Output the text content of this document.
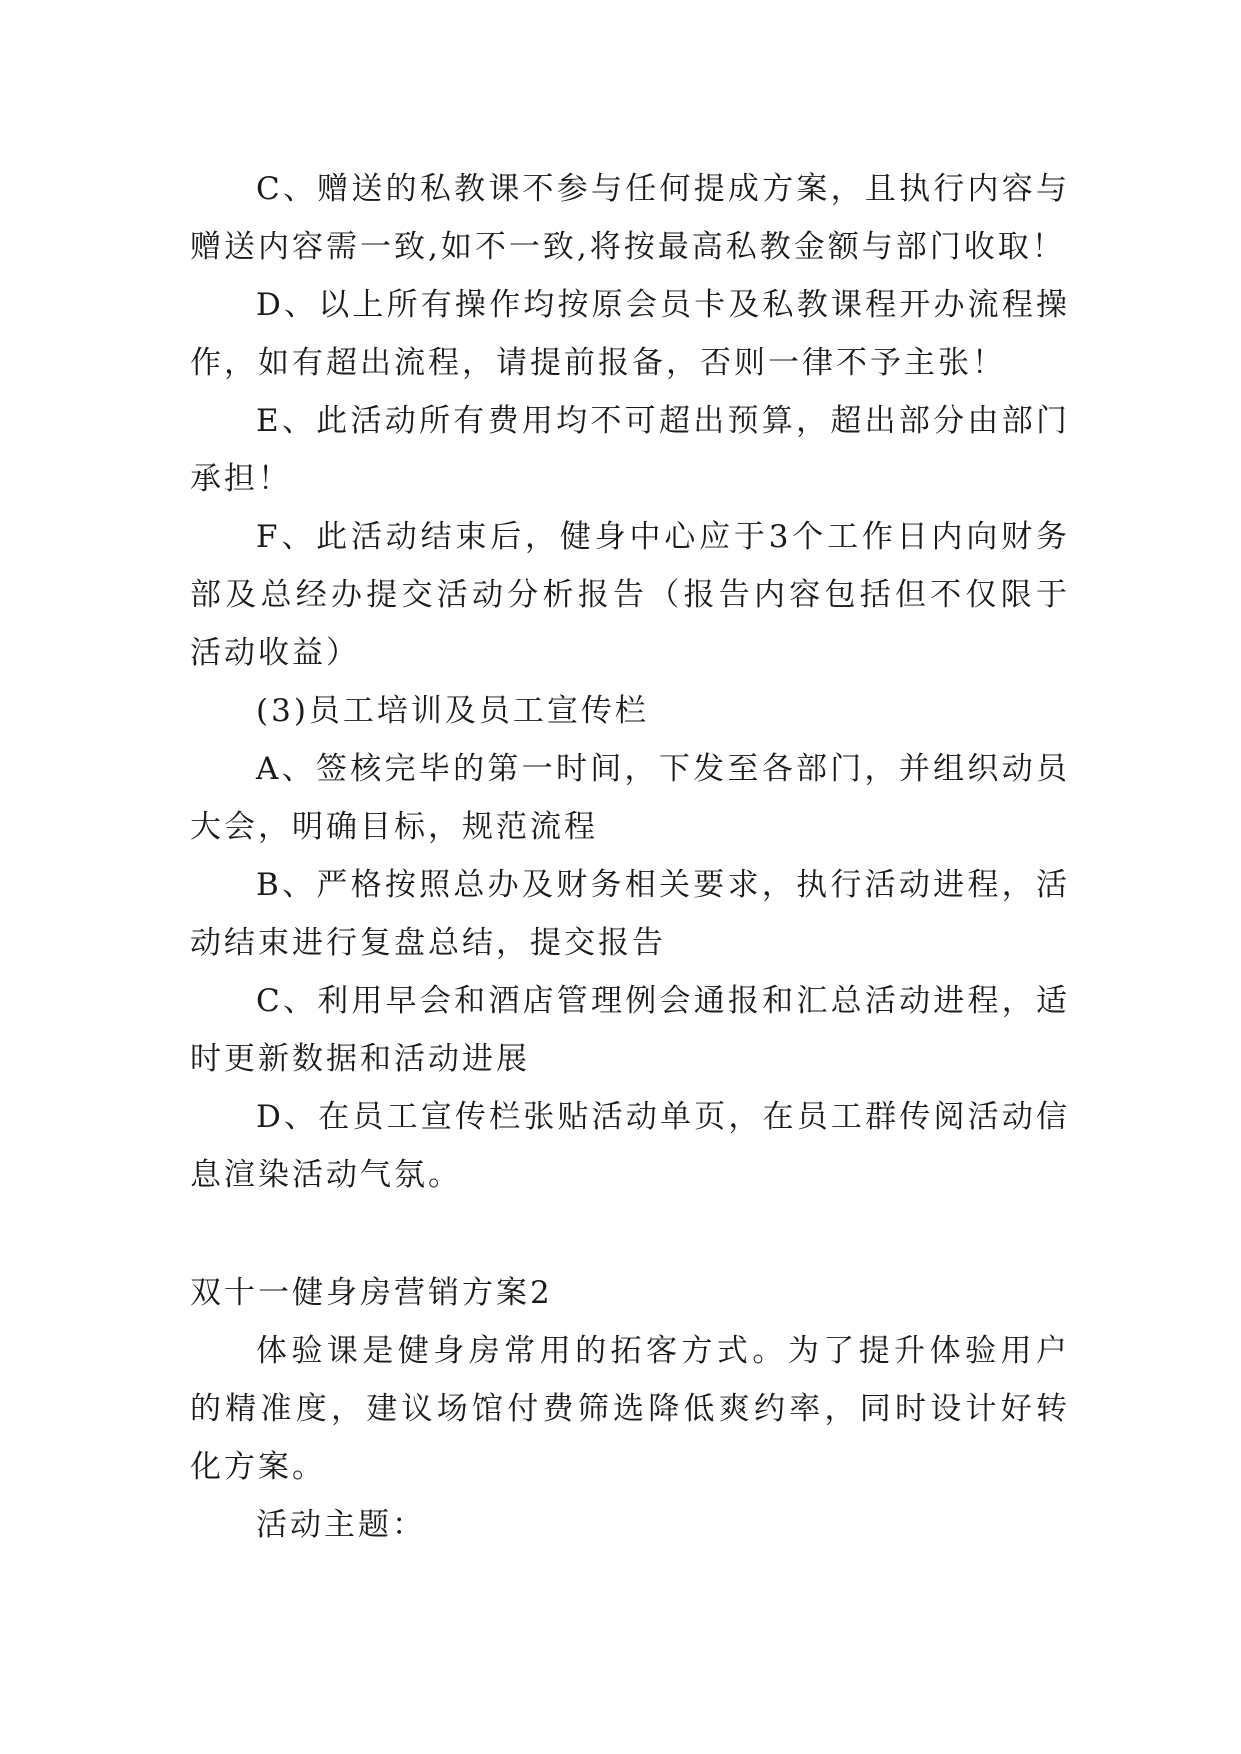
C、赠送的私教课不参与任何提成方案，且执行内容与赠送内容需一致,如不一致,将按最高私教金额与部门收取！

D、以上所有操作均按原会员卡及私教课程开办流程操作，如有超出流程，请提前报备，否则一律不予主张！

E、此活动所有费用均不可超出预算，超出部分由部门承担！

F、此活动结束后，健身中心应于3个工作日内向财务部及总经办提交活动分析报告（报告内容包括但不仅限于活动收益）

(3)员工培训及员工宣传栏

A、签核完毕的第一时间，下发至各部门，并组织动员大会，明确目标，规范流程

B、严格按照总办及财务相关要求，执行活动进程，活动结束进行复盘总结，提交报告

C、利用早会和酒店管理例会通报和汇总活动进程，适时更新数据和活动进展

D、在员工宣传栏张贴活动单页，在员工群传阅活动信息渲染活动气氛。

双十一健身房营销方案2

体验课是健身房常用的拓客方式。为了提升体验用户的精准度，建议场馆付费筛选降低爽约率，同时设计好转化方案。

活动主题：
